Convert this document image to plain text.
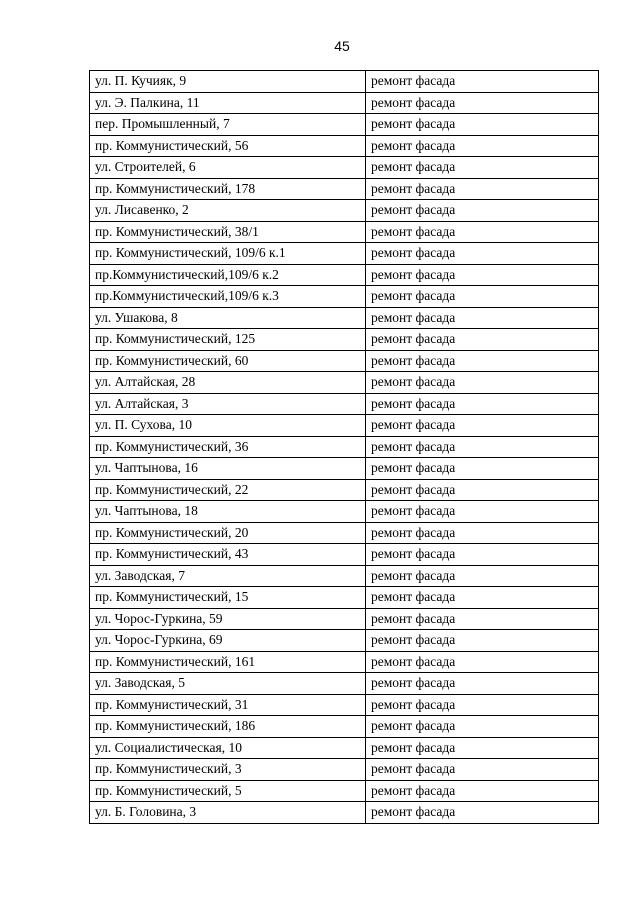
45
ул. П. Кучияк, 9	ремонт фасада
ул. Э. Палкина, 11	ремонт фасада
пер. Промышленный, 7	ремонт фасада
пр. Коммунистический, 56	ремонт фасада
ул. Строителей, 6	ремонт фасада
пр. Коммунистический, 178	ремонт фасада
ул. Лисавенко, 2	ремонт фасада
пр. Коммунистический, 38/1	ремонт фасада
пр. Коммунистический, 109/6 к.1	ремонт фасада
пр.Коммунистический,109/6 к.2	ремонт фасада
пр.Коммунистический,109/6 к.3	ремонт фасада
ул. Ушакова, 8	ремонт фасада
пр. Коммунистический, 125	ремонт фасада
пр. Коммунистический, 60	ремонт фасада
ул. Алтайская, 28	ремонт фасада
ул. Алтайская, 3	ремонт фасада
ул. П. Сухова, 10	ремонт фасада
пр. Коммунистический, 36	ремонт фасада
ул. Чаптынова, 16	ремонт фасада
пр. Коммунистический, 22	ремонт фасада
ул. Чаптынова, 18	ремонт фасада
пр. Коммунистический, 20	ремонт фасада
пр. Коммунистический, 43	ремонт фасада
ул. Заводская, 7	ремонт фасада
пр. Коммунистический, 15	ремонт фасада
ул. Чорос-Гуркина, 59	ремонт фасада
ул. Чорос-Гуркина, 69	ремонт фасада
пр. Коммунистический, 161	ремонт фасада
ул. Заводская, 5	ремонт фасада
пр. Коммунистический, 31	ремонт фасада
пр. Коммунистический, 186	ремонт фасада
ул. Социалистическая, 10	ремонт фасада
пр. Коммунистический, 3	ремонт фасада
пр. Коммунистический, 5	ремонт фасада
ул. Б. Головина, 3	ремонт фасада
